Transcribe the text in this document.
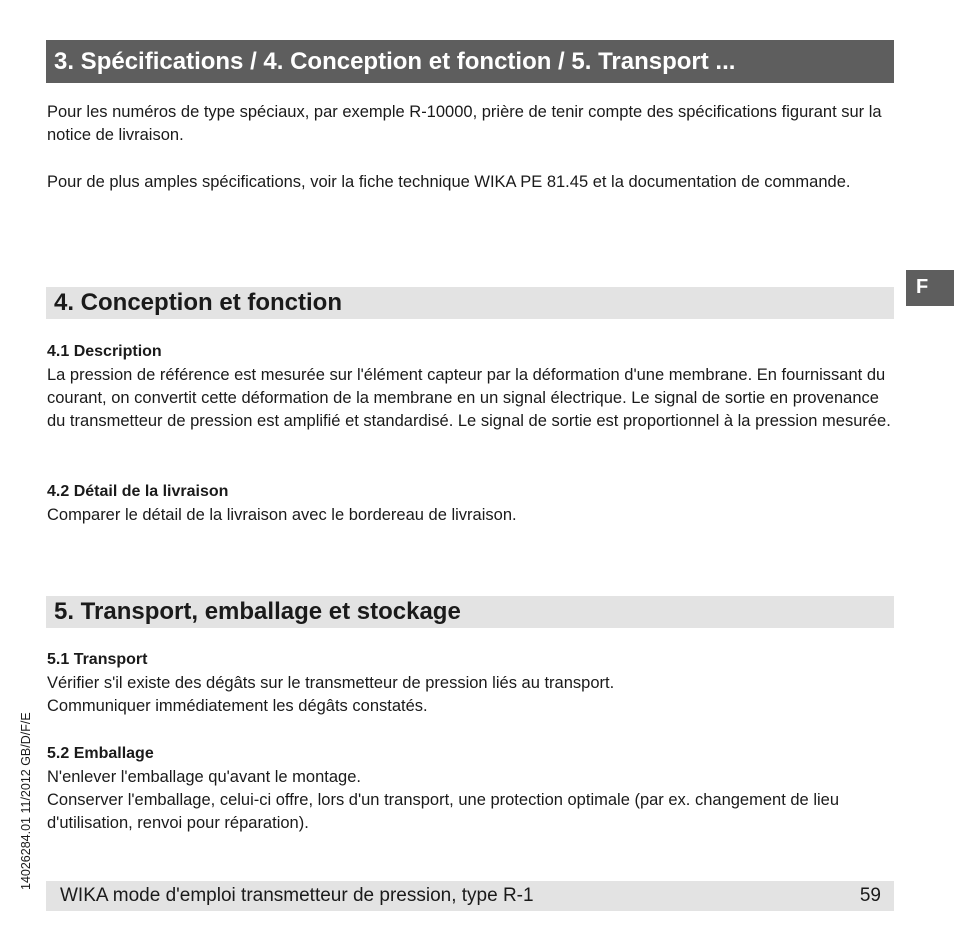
3. Spécifications / 4. Conception et fonction / 5. Transport ...

Pour les numéros de type spéciaux, par exemple R-10000, prière de tenir compte des spécifications figurant sur la notice de livraison.

Pour de plus amples spécifications, voir la fiche technique WIKA PE 81.45 et la documentation de commande.

F
4. Conception et fonction

4.1 Description

La pression de référence est mesurée sur l'élément capteur par la déformation d'une membrane. En fournissant du courant, on convertit cette déformation de la membrane en un signal électrique. Le signal de sortie en provenance du transmetteur de pression est amplifié et standardisé. Le signal de sortie est proportionnel à la pression mesurée.

4.2 Détail de la livraison

Comparer le détail de la livraison avec le bordereau de livraison.

5. Transport, emballage et stockage

5.1 Transport

Vérifier s'il existe des dégâts sur le transmetteur de pression liés au transport.

Communiquer immédiatement les dégâts constatés.

5.2 Emballage

N'enlever l'emballage qu'avant le montage.

Conserver l'emballage, celui-ci offre, lors d'un transport, une protection optimale (par ex. changement de lieu d'utilisation, renvoi pour réparation).

14026284.01 11/2012 GB/D/F/E
WIKA mode d'emploi transmetteur de pression, type R-1	59
